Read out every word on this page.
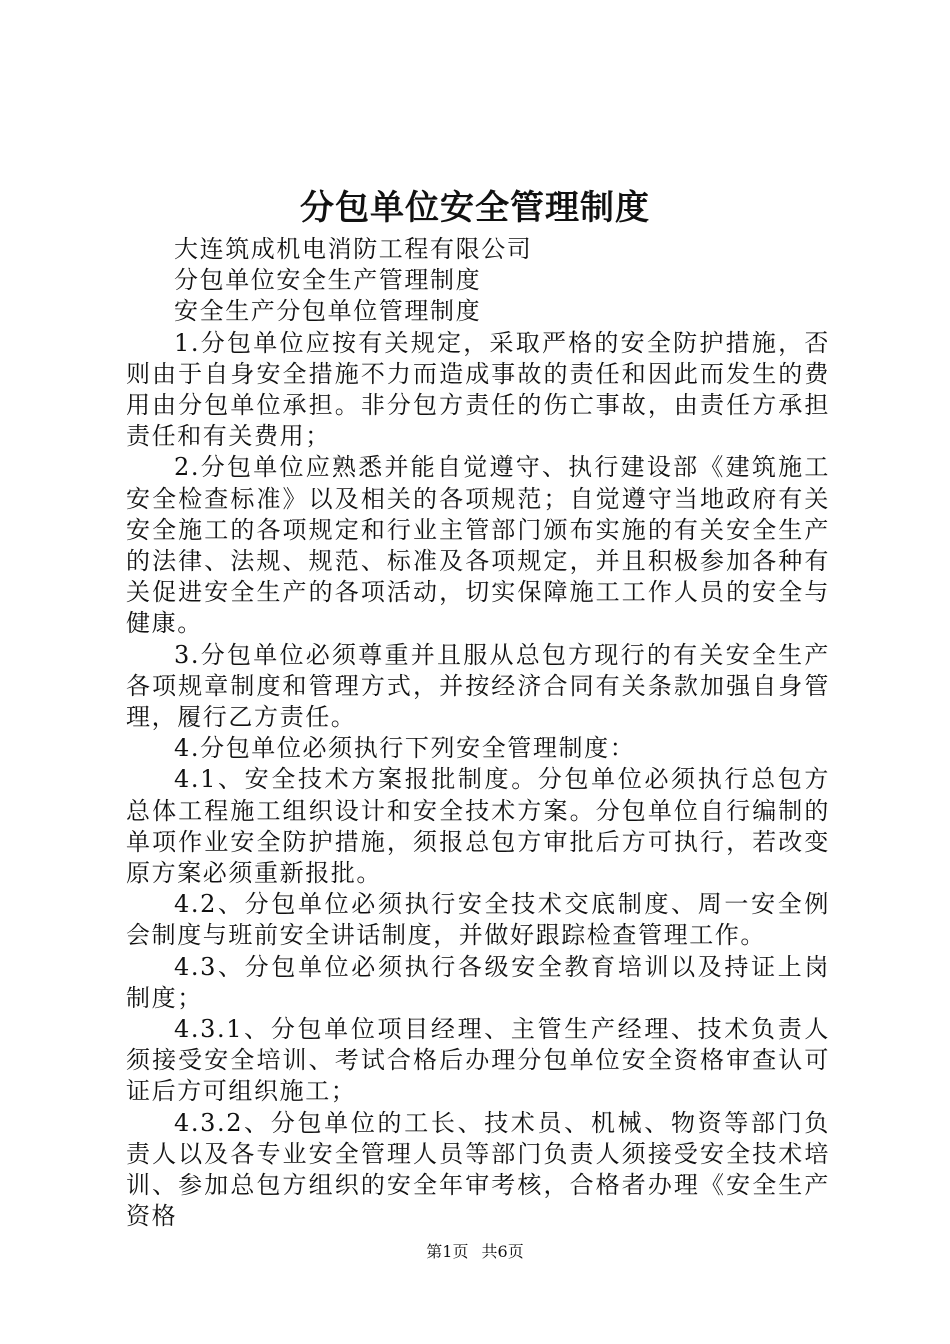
分包单位安全管理制度

大连筑成机电消防工程有限公司

分包单位安全生产管理制度

安全生产分包单位管理制度

1.分包单位应按有关规定，采取严格的安全防护措施，否则由于自身安全措施不力而造成事故的责任和因此而发生的费用由分包单位承担。非分包方责任的伤亡事故，由责任方承担责任和有关费用；

2.分包单位应熟悉并能自觉遵守、执行建设部《建筑施工安全检查标准》以及相关的各项规范；自觉遵守当地政府有关安全施工的各项规定和行业主管部门颁布实施的有关安全生产的法律、法规、规范、标准及各项规定，并且积极参加各种有关促进安全生产的各项活动，切实保障施工工作人员的安全与健康。

3.分包单位必须尊重并且服从总包方现行的有关安全生产各项规章制度和管理方式，并按经济合同有关条款加强自身管理，履行乙方责任。

4.分包单位必须执行下列安全管理制度：

4.1、安全技术方案报批制度。分包单位必须执行总包方总体工程施工组织设计和安全技术方案。分包单位自行编制的单项作业安全防护措施，须报总包方审批后方可执行，若改变原方案必须重新报批。

4.2、分包单位必须执行安全技术交底制度、周一安全例会制度与班前安全讲话制度，并做好跟踪检查管理工作。

4.3、分包单位必须执行各级安全教育培训以及持证上岗制度；

4.3.1、分包单位项目经理、主管生产经理、技术负责人须接受安全培训、考试合格后办理分包单位安全资格审查认可证后方可组织施工；

4.3.2、分包单位的工长、技术员、机械、物资等部门负责人以及各专业安全管理人员等部门负责人须接受安全技术培训、参加总包方组织的安全年审考核，合格者办理《安全生产资格

第1页 共6页
